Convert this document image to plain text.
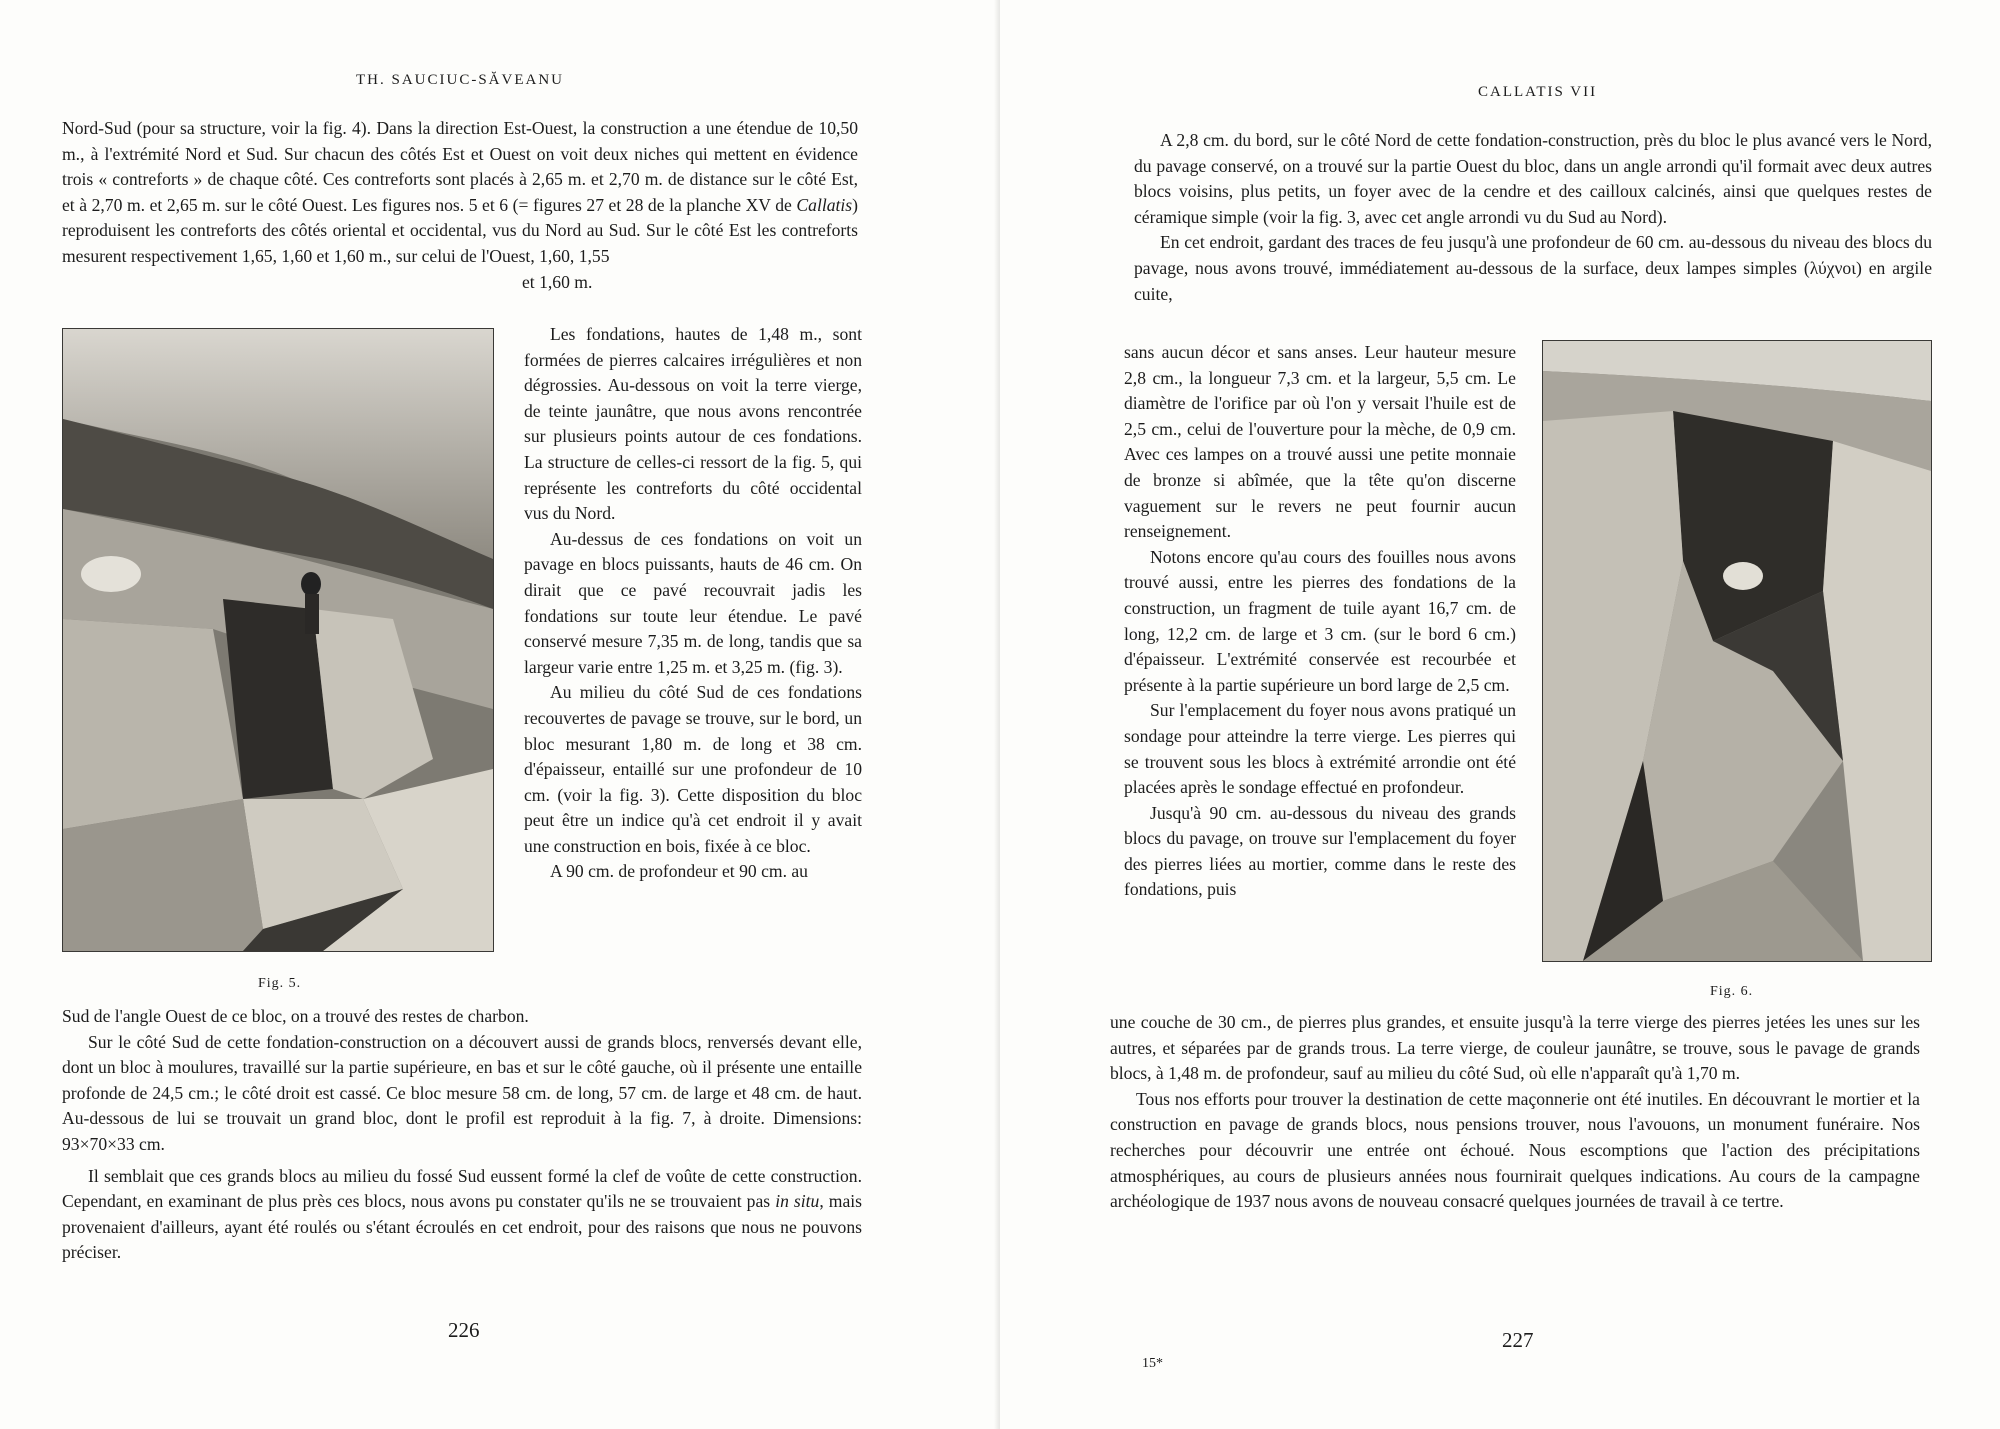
TH. SAUCIUC-SĂVEANU

Nord-Sud (pour sa structure, voir la fig. 4). Dans la direction Est-Ouest, la construction a une étendue de 10,50 m., à l'extrémité Nord et Sud. Sur chacun des côtés Est et Ouest on voit deux niches qui mettent en évidence trois « contreforts » de chaque côté. Ces contreforts sont placés à 2,65 m. et 2,70 m. de distance sur le côté Est, et à 2,70 m. et 2,65 m. sur le côté Ouest. Les figures nos. 5 et 6 (= figures 27 et 28 de la planche XV de Callatis) reproduisent les contreforts des côtés oriental et occidental, vus du Nord au Sud. Sur le côté Est les contreforts mesurent respectivement 1,65, 1,60 et 1,60 m., sur celui de l'Ouest, 1,60, 1,55

et 1,60 m.

Fig. 5.

Les fondations, hautes de 1,48 m., sont formées de pierres calcaires irrégulières et non dégrossies. Au-dessous on voit la terre vierge, de teinte jaunâtre, que nous avons rencontrée sur plusieurs points autour de ces fondations. La structure de celles-ci ressort de la fig. 5, qui représente les contreforts du côté occidental vus du Nord.

Au-dessus de ces fondations on voit un pavage en blocs puissants, hauts de 46 cm. On dirait que ce pavé recouvrait jadis les fondations sur toute leur étendue. Le pavé conservé mesure 7,35 m. de long, tandis que sa largeur varie entre 1,25 m. et 3,25 m. (fig. 3).

Au milieu du côté Sud de ces fondations recouvertes de pavage se trouve, sur le bord, un bloc mesurant 1,80 m. de long et 38 cm. d'épaisseur, entaillé sur une profondeur de 10 cm. (voir la fig. 3). Cette disposition du bloc peut être un indice qu'à cet endroit il y avait une construction en bois, fixée à ce bloc.

A 90 cm. de profondeur et 90 cm. au

Sud de l'angle Ouest de ce bloc, on a trouvé des restes de charbon.

Sur le côté Sud de cette fondation-construction on a découvert aussi de grands blocs, renversés devant elle, dont un bloc à moulures, travaillé sur la partie supérieure, en bas et sur le côté gauche, où il présente une entaille profonde de 24,5 cm.; le côté droit est cassé. Ce bloc mesure 58 cm. de long, 57 cm. de large et 48 cm. de haut. Au-dessous de lui se trouvait un grand bloc, dont le profil est reproduit à la fig. 7, à droite. Dimensions: 93×70×33 cm.

Il semblait que ces grands blocs au milieu du fossé Sud eussent formé la clef de voûte de cette construction. Cependant, en examinant de plus près ces blocs, nous avons pu constater qu'ils ne se trouvaient pas in situ, mais provenaient d'ailleurs, ayant été roulés ou s'étant écroulés en cet endroit, pour des raisons que nous ne pouvons préciser.

226
CALLATIS VII

A 2,8 cm. du bord, sur le côté Nord de cette fondation-construction, près du bloc le plus avancé vers le Nord, du pavage conservé, on a trouvé sur la partie Ouest du bloc, dans un angle arrondi qu'il formait avec deux autres blocs voisins, plus petits, un foyer avec de la cendre et des cailloux calcinés, ainsi que quelques restes de céramique simple (voir la fig. 3, avec cet angle arrondi vu du Sud au Nord).

En cet endroit, gardant des traces de feu jusqu'à une profondeur de 60 cm. au-dessous du niveau des blocs du pavage, nous avons trouvé, immédiatement au-dessous de la surface, deux lampes simples (λύχνοι) en argile cuite,

Fig. 6.

sans aucun décor et sans anses. Leur hauteur mesure 2,8 cm., la longueur 7,3 cm. et la largeur, 5,5 cm. Le diamètre de l'orifice par où l'on y versait l'huile est de 2,5 cm., celui de l'ouverture pour la mèche, de 0,9 cm. Avec ces lampes on a trouvé aussi une petite monnaie de bronze si abîmée, que la tête qu'on discerne vaguement sur le revers ne peut fournir aucun renseignement.

Notons encore qu'au cours des fouilles nous avons trouvé aussi, entre les pierres des fondations de la construction, un fragment de tuile ayant 16,7 cm. de long, 12,2 cm. de large et 3 cm. (sur le bord 6 cm.) d'épaisseur. L'extrémité conservée est recourbée et présente à la partie supérieure un bord large de 2,5 cm.

Sur l'emplacement du foyer nous avons pratiqué un sondage pour atteindre la terre vierge. Les pierres qui se trouvent sous les blocs à extrémité arrondie ont été placées après le sondage effectué en profondeur.

Jusqu'à 90 cm. au-dessous du niveau des grands blocs du pavage, on trouve sur l'emplacement du foyer des pierres liées au mortier, comme dans le reste des fondations, puis

une couche de 30 cm., de pierres plus grandes, et ensuite jusqu'à la terre vierge des pierres jetées les unes sur les autres, et séparées par de grands trous. La terre vierge, de couleur jaunâtre, se trouve, sous le pavage de grands blocs, à 1,48 m. de profondeur, sauf au milieu du côté Sud, où elle n'apparaît qu'à 1,70 m.

Tous nos efforts pour trouver la destination de cette maçonnerie ont été inutiles. En découvrant le mortier et la construction en pavage de grands blocs, nous pensions trouver, nous l'avouons, un monument funéraire. Nos recherches pour découvrir une entrée ont échoué. Nous escomptions que l'action des précipitations atmosphériques, au cours de plusieurs années nous fournirait quelques indications. Au cours de la campagne archéologique de 1937 nous avons de nouveau consacré quelques journées de travail à ce tertre.

15*
227
